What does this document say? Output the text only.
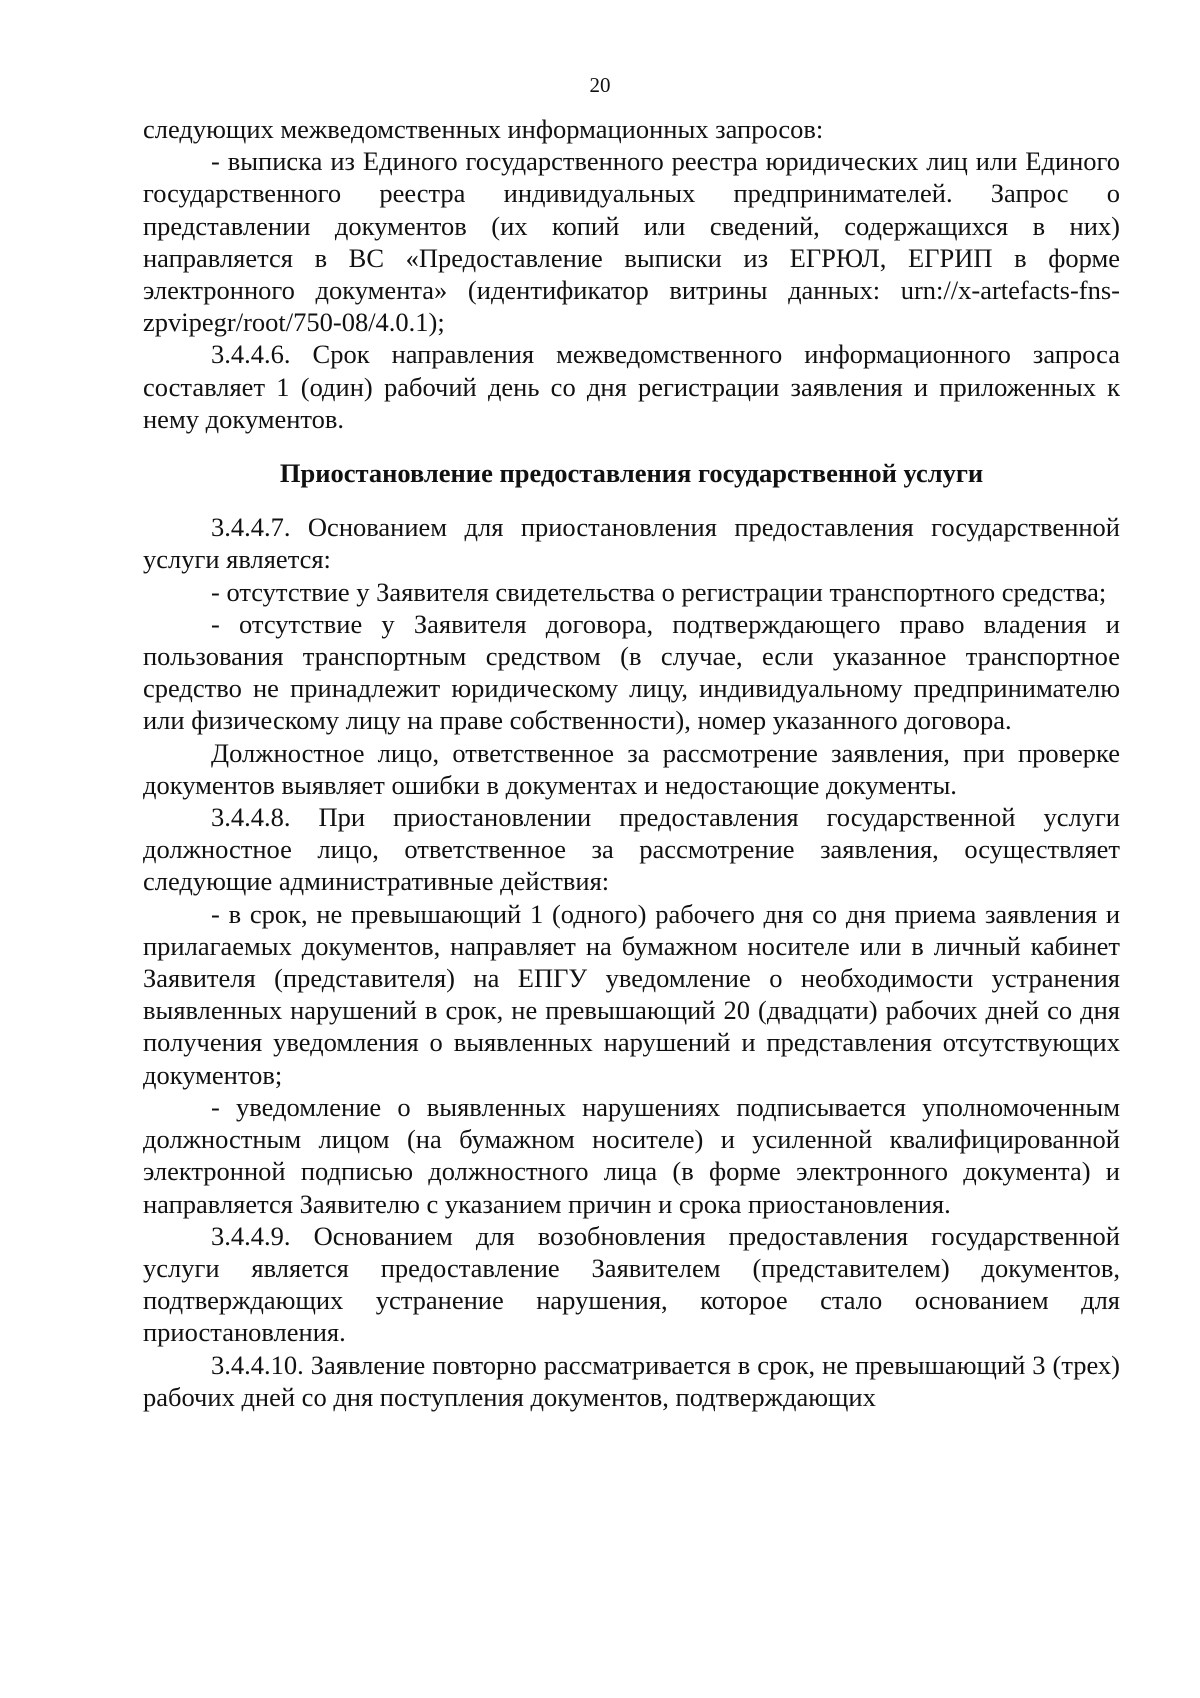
20

следующих межведомственных информационных запросов:

- выписка из Единого государственного реестра юридических лиц или Единого государственного реестра индивидуальных предпринимателей. Запрос о представлении документов (их копий или сведений, содержащихся в них) направляется в ВС «Предоставление выписки из ЕГРЮЛ, ЕГРИП в форме электронного документа» (идентификатор витрины данных: urn://x-artefacts-fns-zpvipegr/root/750-08/4.0.1);

3.4.4.6. Срок направления межведомственного информационного запроса составляет 1 (один) рабочий день со дня регистрации заявления и приложенных к нему документов.

Приостановление предоставления государственной услуги

3.4.4.7. Основанием для приостановления предоставления государственной услуги является:

- отсутствие у Заявителя свидетельства о регистрации транспортного средства;

- отсутствие у Заявителя договора, подтверждающего право владения и пользования транспортным средством (в случае, если указанное транспортное средство не принадлежит юридическому лицу, индивидуальному предпринимателю или физическому лицу на праве собственности), номер указанного договора.

Должностное лицо, ответственное за рассмотрение заявления, при проверке документов выявляет ошибки в документах и недостающие документы.

3.4.4.8. При приостановлении предоставления государственной услуги должностное лицо, ответственное за рассмотрение заявления, осуществляет следующие административные действия:

- в срок, не превышающий 1 (одного) рабочего дня со дня приема заявления и прилагаемых документов, направляет на бумажном носителе или в личный кабинет Заявителя (представителя) на ЕПГУ уведомление о необходимости устранения выявленных нарушений в срок, не превышающий 20 (двадцати) рабочих дней со дня получения уведомления о выявленных нарушений и представления отсутствующих документов;

- уведомление о выявленных нарушениях подписывается уполномоченным должностным лицом (на бумажном носителе) и усиленной квалифицированной электронной подписью должностного лица (в форме электронного документа) и направляется Заявителю с указанием причин и срока приостановления.

3.4.4.9. Основанием для возобновления предоставления государственной услуги является предоставление Заявителем (представителем) документов, подтверждающих устранение нарушения, которое стало основанием для приостановления.

3.4.4.10. Заявление повторно рассматривается в срок, не превышающий 3 (трех) рабочих дней со дня поступления документов, подтверждающих
